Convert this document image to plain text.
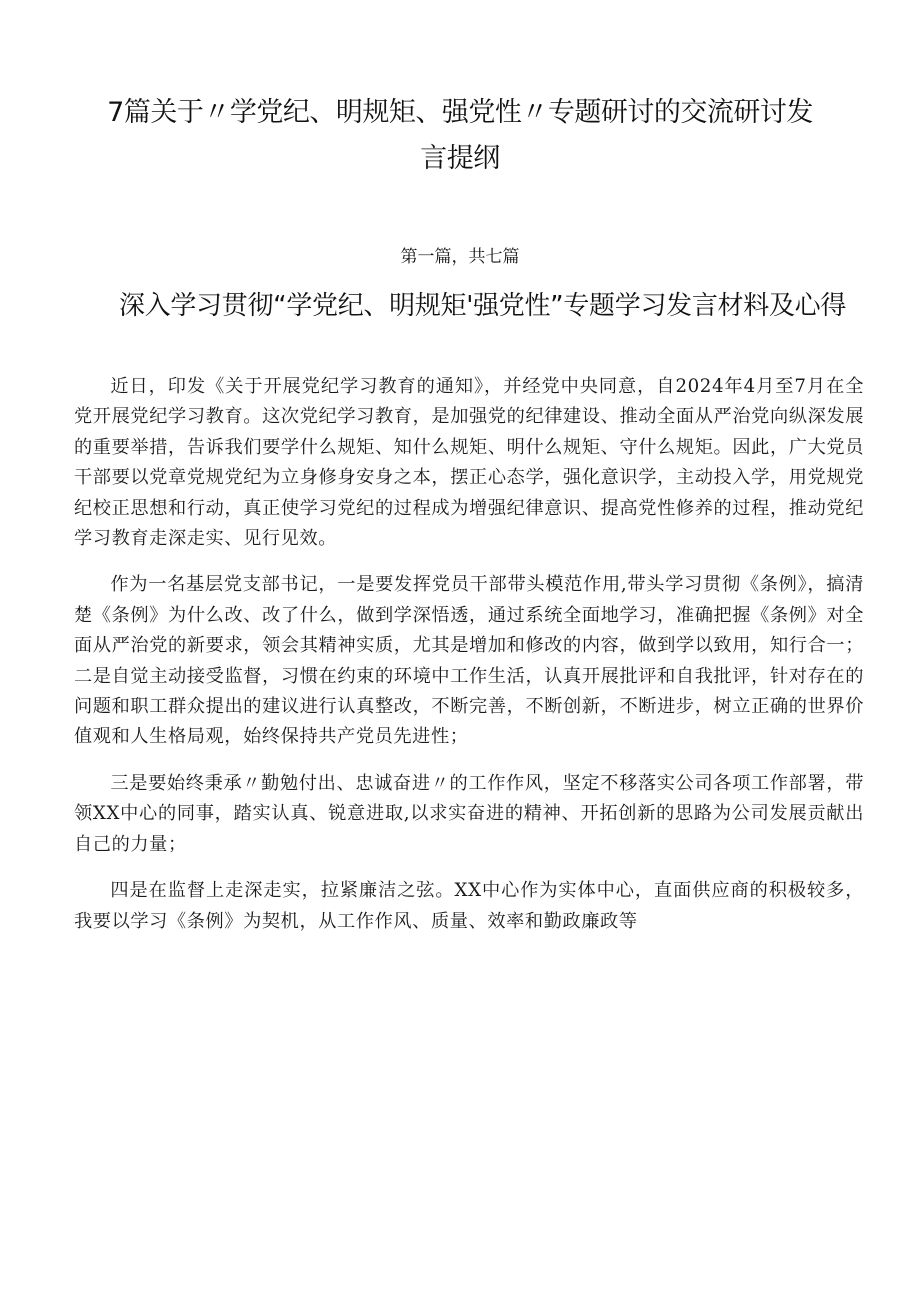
7篇关于〃学党纪、明规矩、强党性〃专题研讨的交流研讨发言提纲
第一篇，共七篇
深入学习贯彻“学党纪、明规矩'强党性”专题学习发言材料及心得

近日，印发《关于开展党纪学习教育的通知》，并经党中央同意，自2024年4月至7月在全党开展党纪学习教育。这次党纪学习教育，是加强党的纪律建设、推动全面从严治党向纵深发展的重要举措，告诉我们要学什么规矩、知什么规矩、明什么规矩、守什么规矩。因此，广大党员干部要以党章党规党纪为立身修身安身之本，摆正心态学，强化意识学，主动投入学，用党规党纪校正思想和行动，真正使学习党纪的过程成为增强纪律意识、提高党性修养的过程，推动党纪学习教育走深走实、见行见效。

作为一名基层党支部书记，一是要发挥党员干部带头模范作用,带头学习贯彻《条例》，搞清楚《条例》为什么改、改了什么，做到学深悟透，通过系统全面地学习，准确把握《条例》对全面从严治党的新要求，领会其精神实质，尤其是增加和修改的内容，做到学以致用，知行合一；二是自觉主动接受监督，习惯在约束的环境中工作生活，认真开展批评和自我批评，针对存在的问题和职工群众提出的建议进行认真整改，不断完善，不断创新，不断进步，树立正确的世界价值观和人生格局观，始终保持共产党员先进性；

三是要始终秉承〃勤勉付出、忠诚奋进〃的工作作风，坚定不移落实公司各项工作部署，带领XX中心的同事，踏实认真、锐意进取,以求实奋进的精神、开拓创新的思路为公司发展贡献出自己的力量；

四是在监督上走深走实，拉紧廉洁之弦。XX中心作为实体中心，直面供应商的积极较多，我要以学习《条例》为契机，从工作作风、质量、效率和勤政廉政等
